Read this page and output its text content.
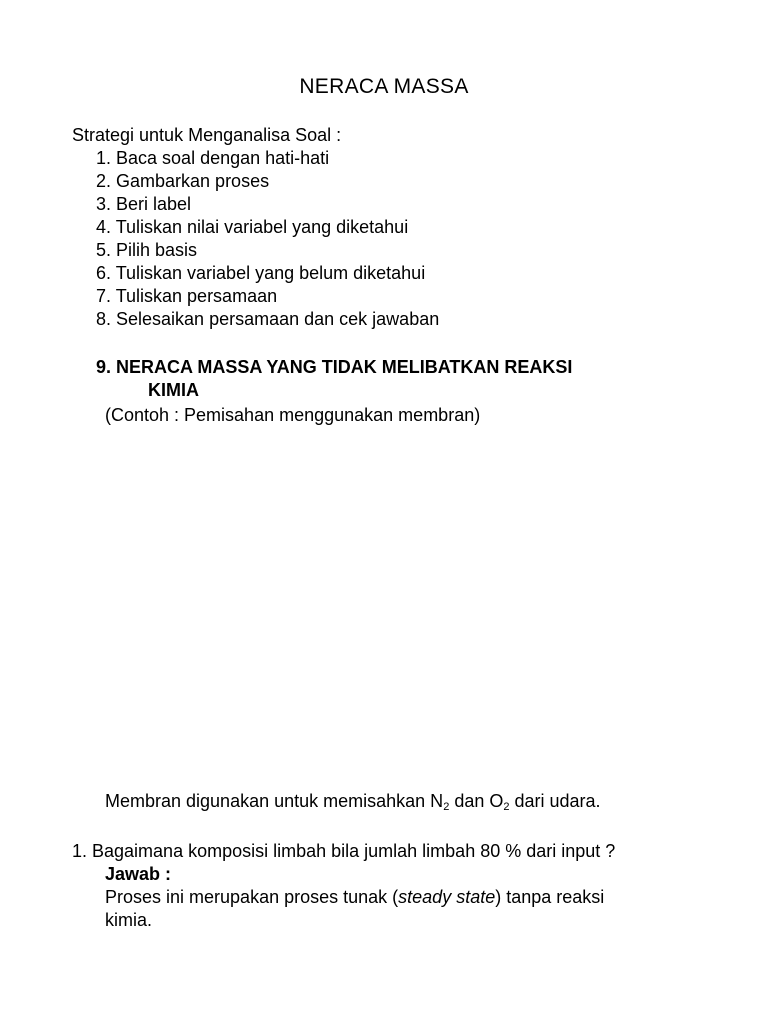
NERACA MASSA
Strategi untuk Menganalisa Soal :
1. Baca soal dengan hati-hati
2. Gambarkan proses
3. Beri label
4. Tuliskan nilai variabel yang diketahui
5. Pilih basis
6. Tuliskan variabel yang belum diketahui
7. Tuliskan persamaan
8. Selesaikan persamaan dan cek jawaban
9. NERACA MASSA YANG TIDAK MELIBATKAN REAKSI
KIMIA
(Contoh : Pemisahan menggunakan membran)
Membran digunakan untuk memisahkan $N_2$ dan $O_2$ dari udara.
1. Bagaimana komposisi limbah bila jumlah limbah 80 % dari input ?
Jawab :
Proses ini merupakan proses tunak (steady state) tanpa reaksi
kimia.
